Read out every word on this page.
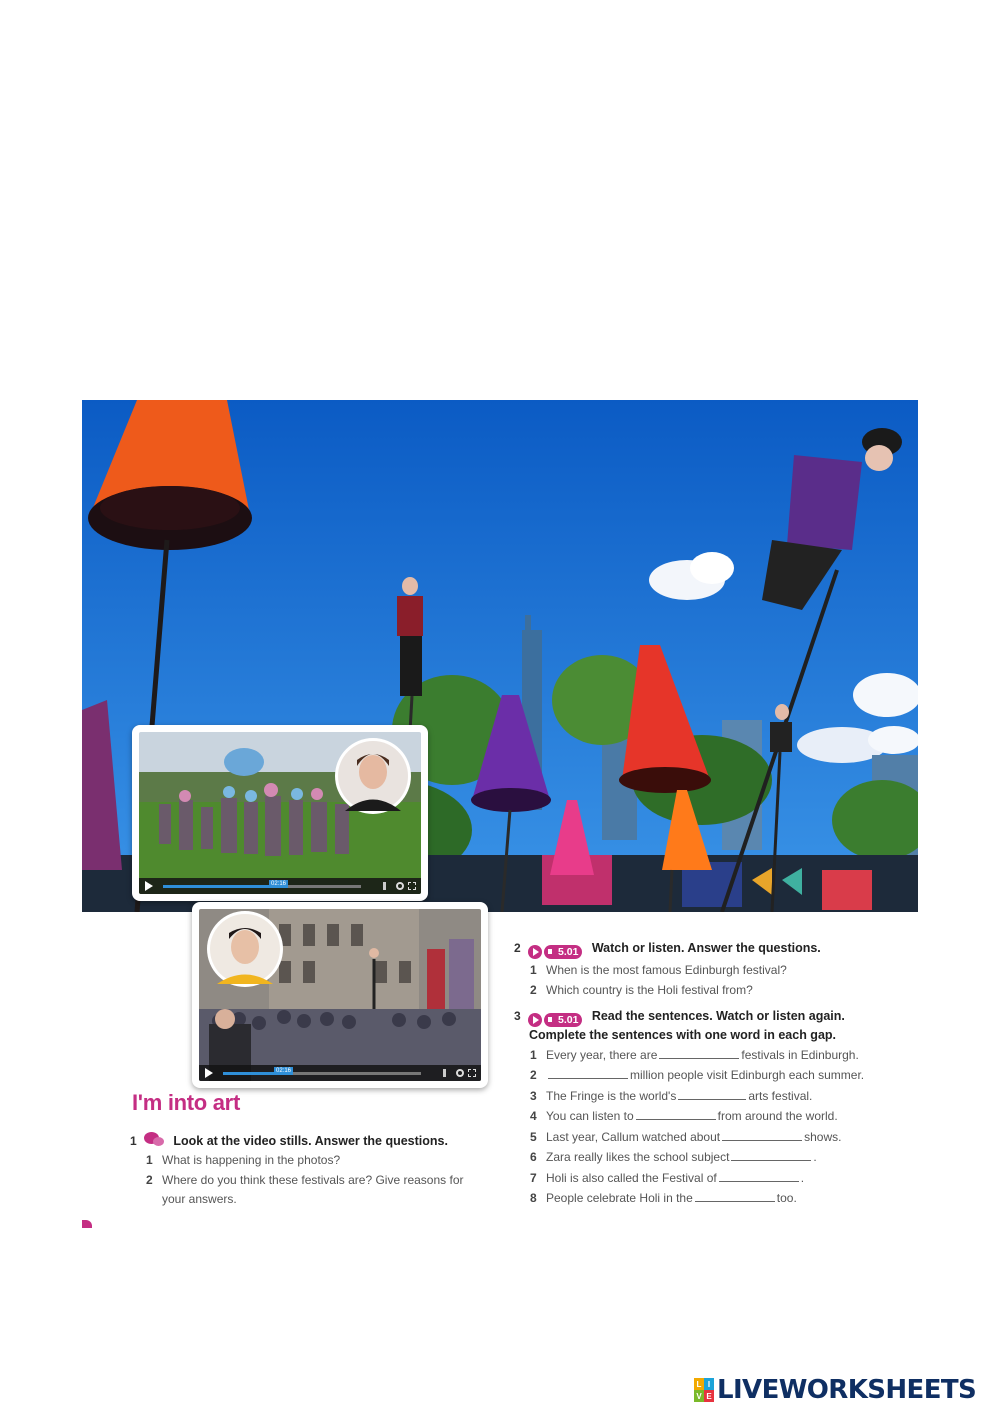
02:16
02:16
I'm into art
1	Look at the video stills. Answer the questions.
1 What is happening in the photos?
2 Where do you think these festivals are? Give reasons for
your answers.
2	5.01 Watch or listen. Answer the questions.
1 When is the most famous Edinburgh festival?
2 Which country is the Holi festival from?
3	5.01 Read the sentences. Watch or listen again.
Complete the sentences with one word in each gap.
1 Every year, there are	festivals in Edinburgh.
2	million people visit Edinburgh each summer.
3 The Fringe is the world's	arts festival.
4 You can listen to	from around the world.
5 Last year, Callum watched about	shows.
6 Zara really likes the school subject	.
7 Holi is also called the Festival of	.
8 People celebrate Holi in the	too.
L I
V E LIVEWORKSHEETS
